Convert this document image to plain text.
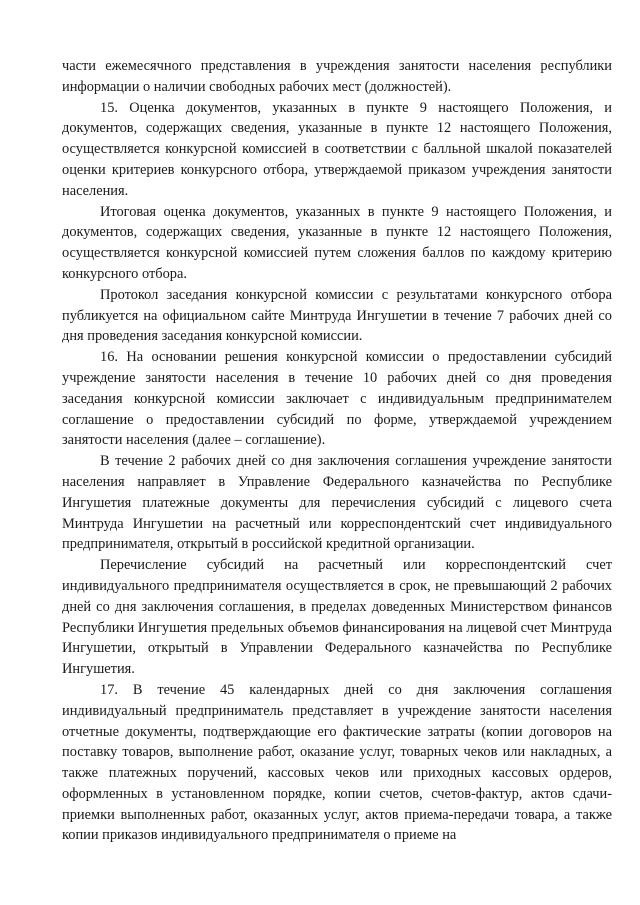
части ежемесячного представления в учреждения занятости населения республики информации о наличии свободных рабочих мест (должностей).

15. Оценка документов, указанных в пункте 9 настоящего Положения, и документов, содержащих сведения, указанные в пункте 12 настоящего Положения, осуществляется конкурсной комиссией в соответствии с балльной шкалой показателей оценки критериев конкурсного отбора, утверждаемой приказом учреждения занятости населения.

Итоговая оценка документов, указанных в пункте 9 настоящего Положения, и документов, содержащих сведения, указанные в пункте 12 настоящего Положения, осуществляется конкурсной комиссией путем сложения баллов по каждому критерию конкурсного отбора.

Протокол заседания конкурсной комиссии с результатами конкурсного отбора публикуется на официальном сайте Минтруда Ингушетии в течение 7 рабочих дней со дня проведения заседания конкурсной комиссии.

16. На основании решения конкурсной комиссии о предоставлении субсидий учреждение занятости населения в течение 10 рабочих дней со дня проведения заседания конкурсной комиссии заключает с индивидуальным предпринимателем соглашение о предоставлении субсидий по форме, утверждаемой учреждением занятости населения (далее – соглашение).

В течение 2 рабочих дней со дня заключения соглашения учреждение занятости населения направляет в Управление Федерального казначейства по Республике Ингушетия платежные документы для перечисления субсидий с лицевого счета Минтруда Ингушетии на расчетный или корреспондентский счет индивидуального предпринимателя, открытый в российской кредитной организации.

Перечисление субсидий на расчетный или корреспондентский счет индивидуального предпринимателя осуществляется в срок, не превышающий 2 рабочих дней со дня заключения соглашения, в пределах доведенных Министерством финансов Республики Ингушетия предельных объемов финансирования на лицевой счет Минтруда Ингушетии, открытый в Управлении Федерального казначейства по Республике Ингушетия.

17. В течение 45 календарных дней со дня заключения соглашения индивидуальный предприниматель представляет в учреждение занятости населения отчетные документы, подтверждающие его фактические затраты (копии договоров на поставку товаров, выполнение работ, оказание услуг, товарных чеков или накладных, а также платежных поручений, кассовых чеков или приходных кассовых ордеров, оформленных в установленном порядке, копии счетов, счетов-фактур, актов сдачи-приемки выполненных работ, оказанных услуг, актов приема-передачи товара, а также копии приказов индивидуального предпринимателя о приеме на
